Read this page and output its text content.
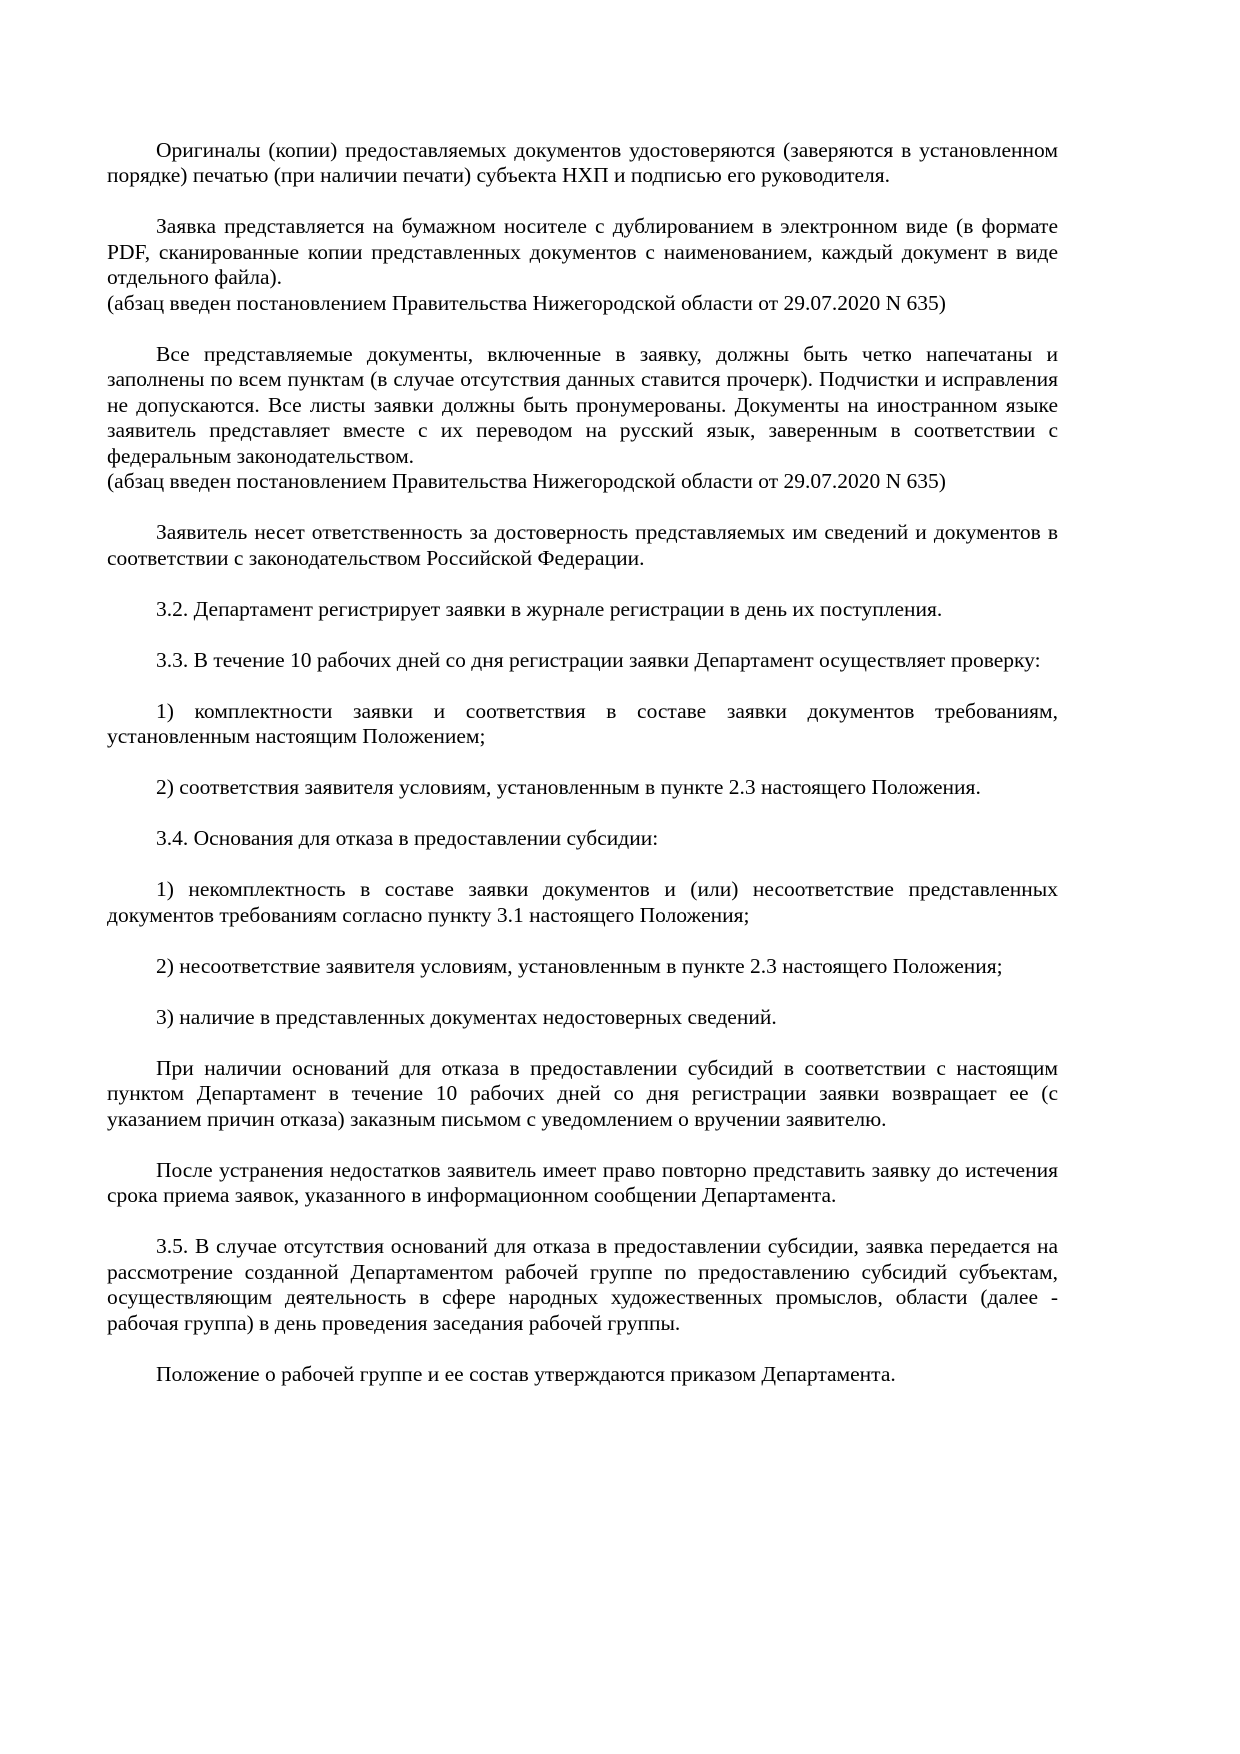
Оригиналы (копии) предоставляемых документов удостоверяются (заверяются в установленном порядке) печатью (при наличии печати) субъекта НХП и подписью его руководителя.

Заявка представляется на бумажном носителе с дублированием в электронном виде (в формате PDF, сканированные копии представленных документов с наименованием, каждый документ в виде отдельного файла).

(абзац введен постановлением Правительства Нижегородской области от 29.07.2020 N 635)

Все представляемые документы, включенные в заявку, должны быть четко напечатаны и заполнены по всем пунктам (в случае отсутствия данных ставится прочерк). Подчистки и исправления не допускаются. Все листы заявки должны быть пронумерованы. Документы на иностранном языке заявитель представляет вместе с их переводом на русский язык, заверенным в соответствии с федеральным законодательством.

(абзац введен постановлением Правительства Нижегородской области от 29.07.2020 N 635)

Заявитель несет ответственность за достоверность представляемых им сведений и документов в соответствии с законодательством Российской Федерации.

3.2. Департамент регистрирует заявки в журнале регистрации в день их поступления.

3.3. В течение 10 рабочих дней со дня регистрации заявки Департамент осуществляет проверку:

1) комплектности заявки и соответствия в составе заявки документов требованиям, установленным настоящим Положением;

2) соответствия заявителя условиям, установленным в пункте 2.3 настоящего Положения.

3.4. Основания для отказа в предоставлении субсидии:

1) некомплектность в составе заявки документов и (или) несоответствие представленных документов требованиям согласно пункту 3.1 настоящего Положения;

2) несоответствие заявителя условиям, установленным в пункте 2.3 настоящего Положения;

3) наличие в представленных документах недостоверных сведений.

При наличии оснований для отказа в предоставлении субсидий в соответствии с настоящим пунктом Департамент в течение 10 рабочих дней со дня регистрации заявки возвращает ее (с указанием причин отказа) заказным письмом с уведомлением о вручении заявителю.

После устранения недостатков заявитель имеет право повторно представить заявку до истечения срока приема заявок, указанного в информационном сообщении Департамента.

3.5. В случае отсутствия оснований для отказа в предоставлении субсидии, заявка передается на рассмотрение созданной Департаментом рабочей группе по предоставлению субсидий субъектам, осуществляющим деятельность в сфере народных художественных промыслов, области (далее - рабочая группа) в день проведения заседания рабочей группы.

Положение о рабочей группе и ее состав утверждаются приказом Департамента.
